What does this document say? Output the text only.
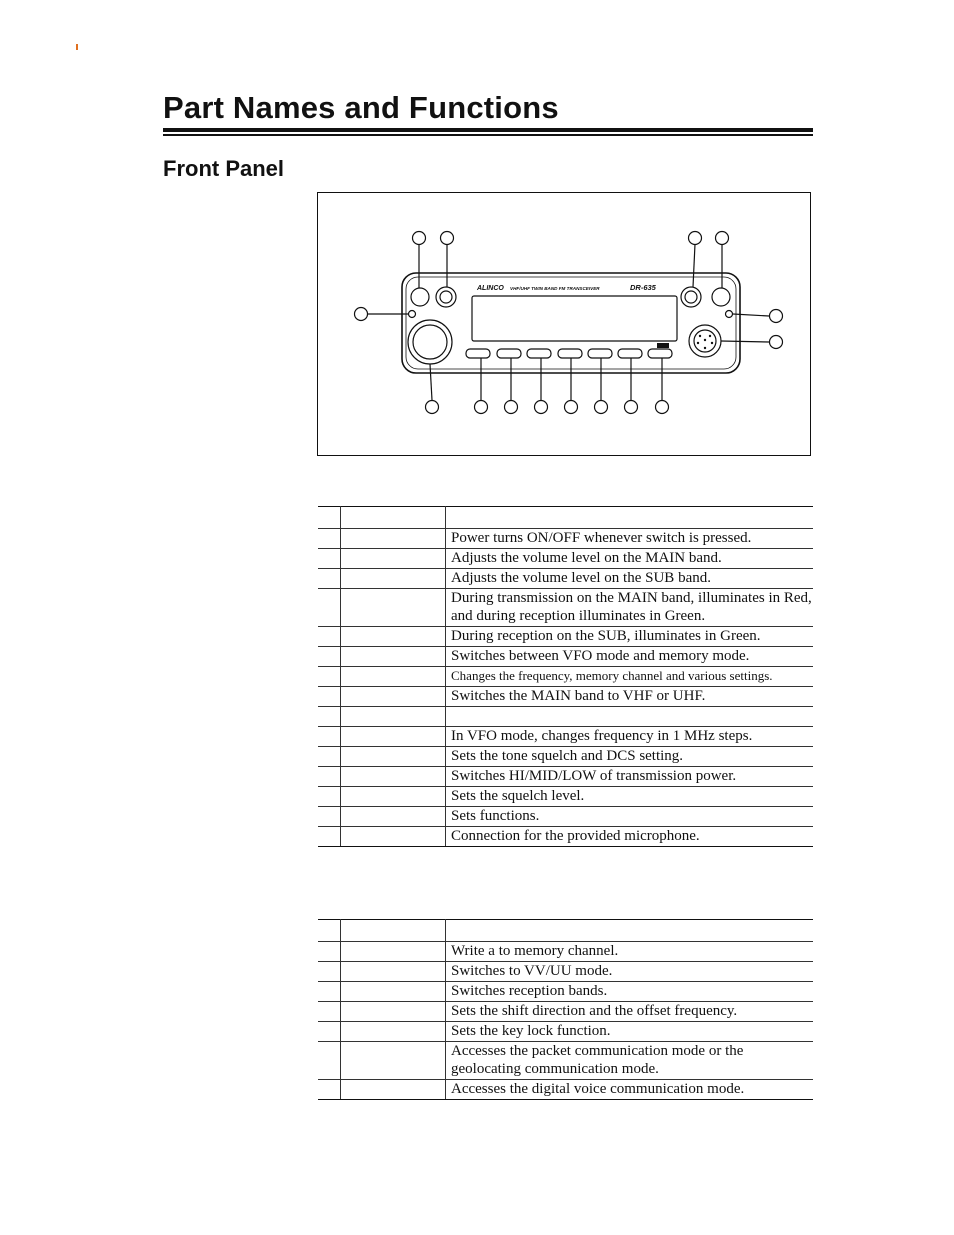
Part Names and Functions
Front Panel
ALINCO VHF/UHF TWIN BAND FM TRANSCEIVER	DR-635

		Power turns ON/OFF whenever switch is pressed.
		Adjusts the volume level on the MAIN band.
		Adjusts the volume level on the SUB band.
		During transmission on the MAIN band, illuminates in Red, and during reception illuminates in Green.
		During reception on the SUB, illuminates in Green.
		Switches between VFO mode and memory mode.
		Changes the frequency, memory channel and various settings.
		Switches the MAIN band to VHF or UHF.

		In VFO mode, changes frequency in 1 MHz steps.
		Sets the tone squelch and DCS setting.
		Switches HI/MID/LOW of transmission power.
		Sets the squelch level.
		Sets functions.
		Connection for the provided microphone.

		Write a to memory channel.
		Switches to VV/UU mode.
		Switches reception bands.
		Sets the shift direction and the offset frequency.
		Sets the key lock function.
		Accesses the packet communication mode or the geolocating communication mode.
		Accesses the digital voice communication mode.
